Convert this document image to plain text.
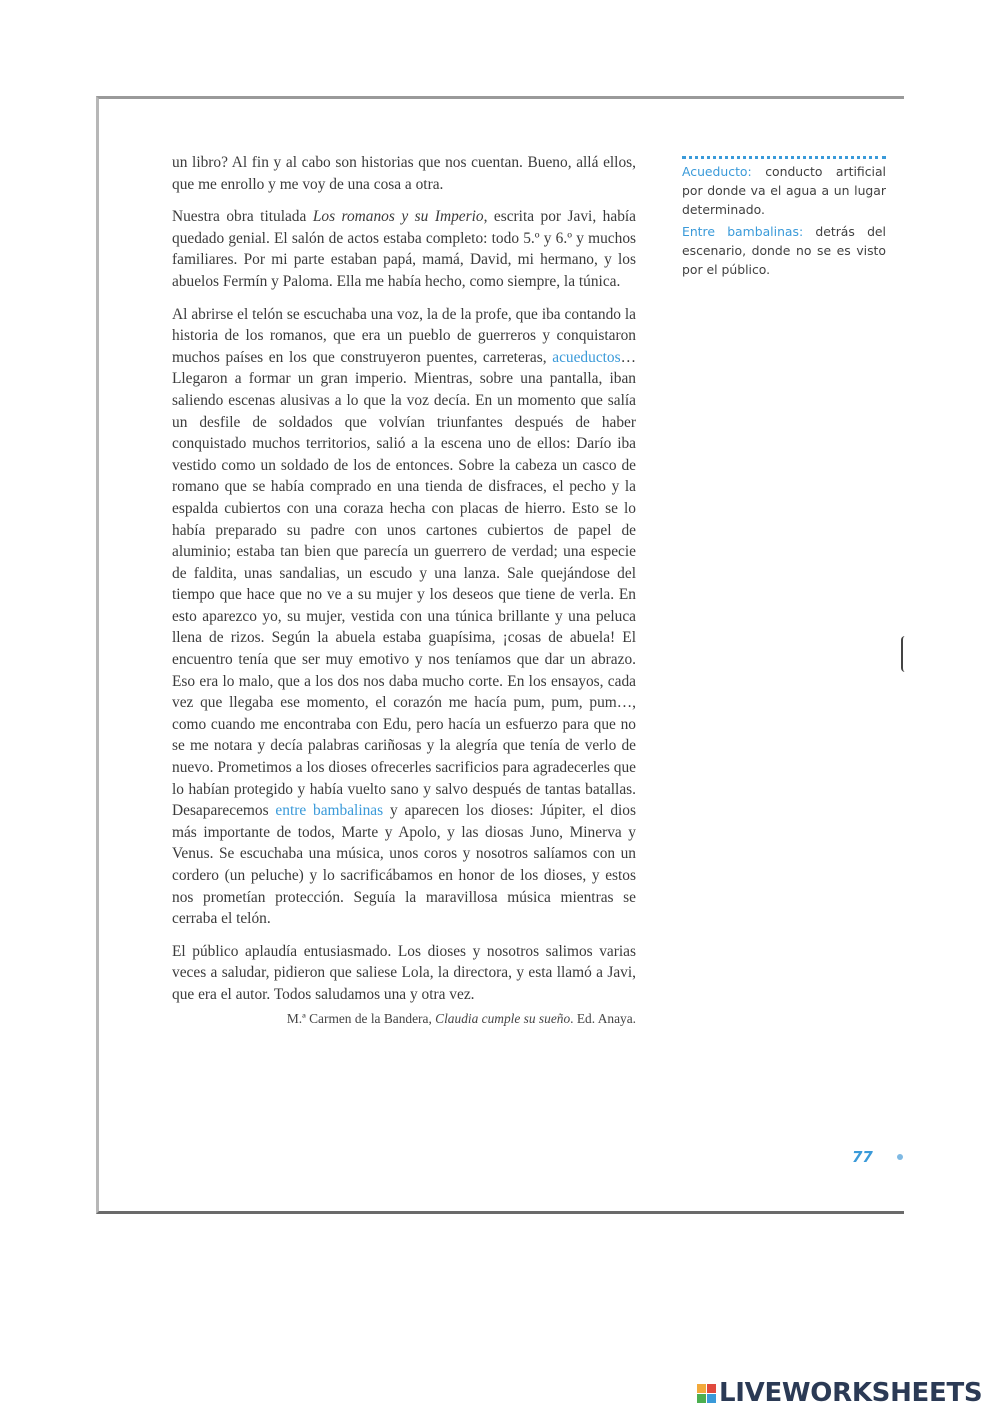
un libro? Al fin y al cabo son historias que nos cuentan. Bueno, allá ellos, que me enrollo y me voy de una cosa a otra.

Nuestra obra titulada Los romanos y su Imperio, escrita por Javi, había quedado genial. El salón de actos estaba completo: todo 5.º y 6.º y muchos familiares. Por mi parte estaban papá, mamá, David, mi hermano, y los abuelos Fermín y Paloma. Ella me había hecho, como siempre, la túnica.

Al abrirse el telón se escuchaba una voz, la de la profe, que iba contando la historia de los romanos, que era un pueblo de guerreros y conquistaron muchos países en los que construyeron puentes, carreteras, acueductos… Llegaron a formar un gran imperio. Mientras, sobre una pantalla, iban saliendo escenas alusivas a lo que la voz decía. En un momento que salía un desfile de soldados que volvían triunfantes después de haber conquistado muchos territorios, salió a la escena uno de ellos: Darío iba vestido como un soldado de los de entonces. Sobre la cabeza un casco de romano que se había comprado en una tienda de disfraces, el pecho y la espalda cubiertos con una coraza hecha con placas de hierro. Esto se lo había preparado su padre con unos cartones cubiertos de papel de aluminio; estaba tan bien que parecía un guerrero de verdad; una especie de faldita, unas sandalias, un escudo y una lanza. Sale quejándose del tiempo que hace que no ve a su mujer y los deseos que tiene de verla. En esto aparezco yo, su mujer, vestida con una túnica brillante y una peluca llena de rizos. Según la abuela estaba guapísima, ¡cosas de abuela! El encuentro tenía que ser muy emotivo y nos teníamos que dar un abrazo. Eso era lo malo, que a los dos nos daba mucho corte. En los ensayos, cada vez que llegaba ese momento, el corazón me hacía pum, pum, pum…, como cuando me encontraba con Edu, pero hacía un esfuerzo para que no se me notara y decía palabras cariñosas y la alegría que tenía de verlo de nuevo. Prometimos a los dioses ofrecerles sacrificios para agradecerles que lo habían protegido y había vuelto sano y salvo después de tantas batallas. Desaparecemos entre bambalinas y aparecen los dioses: Júpiter, el dios más importante de todos, Marte y Apolo, y las diosas Juno, Minerva y Venus. Se escuchaba una música, unos coros y nosotros salíamos con un cordero (un peluche) y lo sacrificábamos en honor de los dioses, y estos nos prometían protección. Seguía la maravillosa música mientras se cerraba el telón.

El público aplaudía entusiasmado. Los dioses y nosotros salimos varias veces a saludar, pidieron que saliese Lola, la directora, y esta llamó a Javi, que era el autor. Todos saludamos una y otra vez.

M.ª Carmen de la Bandera, Claudia cumple su sueño. Ed. Anaya.
Acueducto: conducto artificial por donde va el agua a un lugar determinado.
Entre bambalinas: detrás del escenario, donde no se es visto por el público.
77
LIVEWORKSHEETS
